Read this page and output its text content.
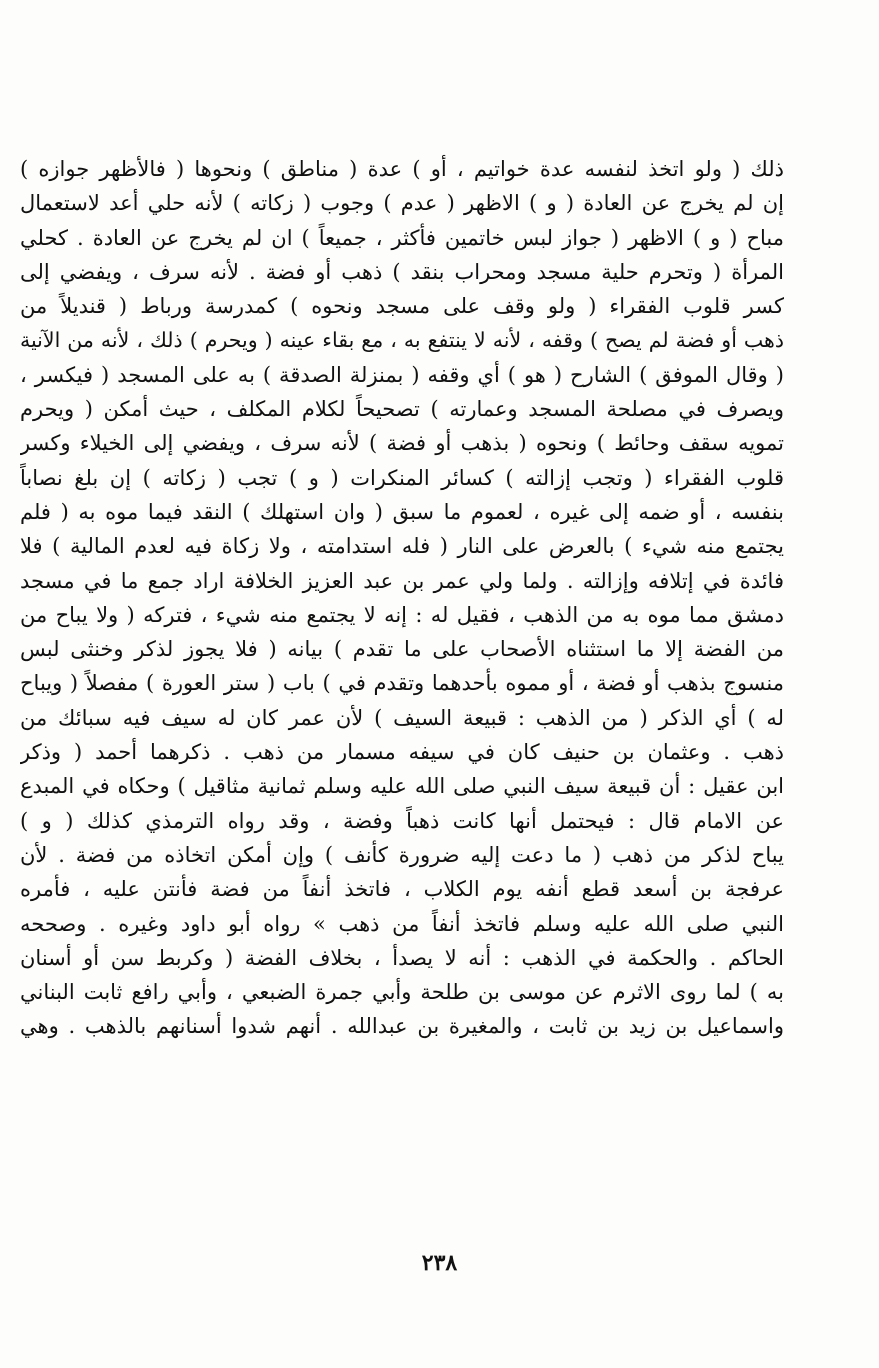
ذلك ( ولو اتخذ لنفسه عدة خواتيم ، أو ) عدة ( مناطق ) ونحوها ( فالأظهر جوازه )
إن لم يخرج عن العادة ( و ) الاظهر ( عدم ) وجوب ( زكاته ) لأنه حلي أعد لاستعمال
مباح ( و ) الاظهر ( جواز لبس خاتمين فأكثر ، جميعاً ) ان لم يخرج عن العادة . كحلي
المرأة ( وتحرم حلية مسجد ومحراب بنقد ) ذهب أو فضة . لأنه سرف ، ويفضي إلى
كسر قلوب الفقراء ( ولو وقف على مسجد ونحوه ) كمدرسة ورباط ( قنديلاً من
ذهب أو فضة لم يصح ) وقفه ، لأنه لا ينتفع به ، مع بقاء عينه ( ويحرم ) ذلك ، لأنه من الآنية
( وقال الموفق ) الشارح ( هو ) أي وقفه ( بمنزلة الصدقة ) به على المسجد ( فيكسر ،
ويصرف في مصلحة المسجد وعمارته ) تصحيحاً لكلام المكلف ، حيث أمكن ( ويحرم
تمويه سقف وحائط ) ونحوه ( بذهب أو فضة ) لأنه سرف ، ويفضي إلى الخيلاء وكسر
قلوب الفقراء ( وتجب إزالته ) كسائر المنكرات ( و ) تجب ( زكاته ) إن بلغ نصاباً
بنفسه ، أو ضمه إلى غيره ، لعموم ما سبق ( وان استهلك ) النقد فيما موه به ( فلم
يجتمع منه شيء ) بالعرض على النار ( فله استدامته ، ولا زكاة فيه لعدم المالية ) فلا
فائدة في إتلافه وإزالته . ولما ولي عمر بن عبد العزيز الخلافة اراد جمع ما في مسجد
دمشق مما موه به من الذهب ، فقيل له : إنه لا يجتمع منه شيء ، فتركه ( ولا يباح من
من الفضة إلا ما استثناه الأصحاب على ما تقدم ) بيانه ( فلا يجوز لذكر وخنثى لبس
منسوج بذهب أو فضة ، أو مموه بأحدهما وتقدم في ) باب ( ستر العورة ) مفصلاً ( ويباح
له ) أي الذكر ( من الذهب : قبيعة السيف ) لأن عمر كان له سيف فيه سبائك من
ذهب . وعثمان بن حنيف كان في سيفه مسمار من ذهب . ذكرهما أحمد ( وذكر
ابن عقيل : أن قبيعة سيف النبي صلى الله عليه وسلم ثمانية مثاقيل ) وحكاه في المبدع
عن الامام قال : فيحتمل أنها كانت ذهباً وفضة ، وقد رواه الترمذي كذلك ( و )
يباح لذكر من ذهب ( ما دعت إليه ضرورة كأنف ) وإن أمكن اتخاذه من فضة . لأن
عرفجة بن أسعد قطع أنفه يوم الكلاب ، فاتخذ أنفاً من فضة فأنتن عليه ، فأمره
النبي صلى الله عليه وسلم فاتخذ أنفاً من ذهب » رواه أبو داود وغيره . وصححه
الحاكم . والحكمة في الذهب : أنه لا يصدأ ، بخلاف الفضة ( وكربط سن أو أسنان
به ) لما روى الاثرم عن موسى بن طلحة وأبي جمرة الضبعي ، وأبي رافع ثابت البناني
واسماعيل بن زيد بن ثابت ، والمغيرة بن عبدالله . أنهم شدوا أسنانهم بالذهب . وهي
٢٣٨
